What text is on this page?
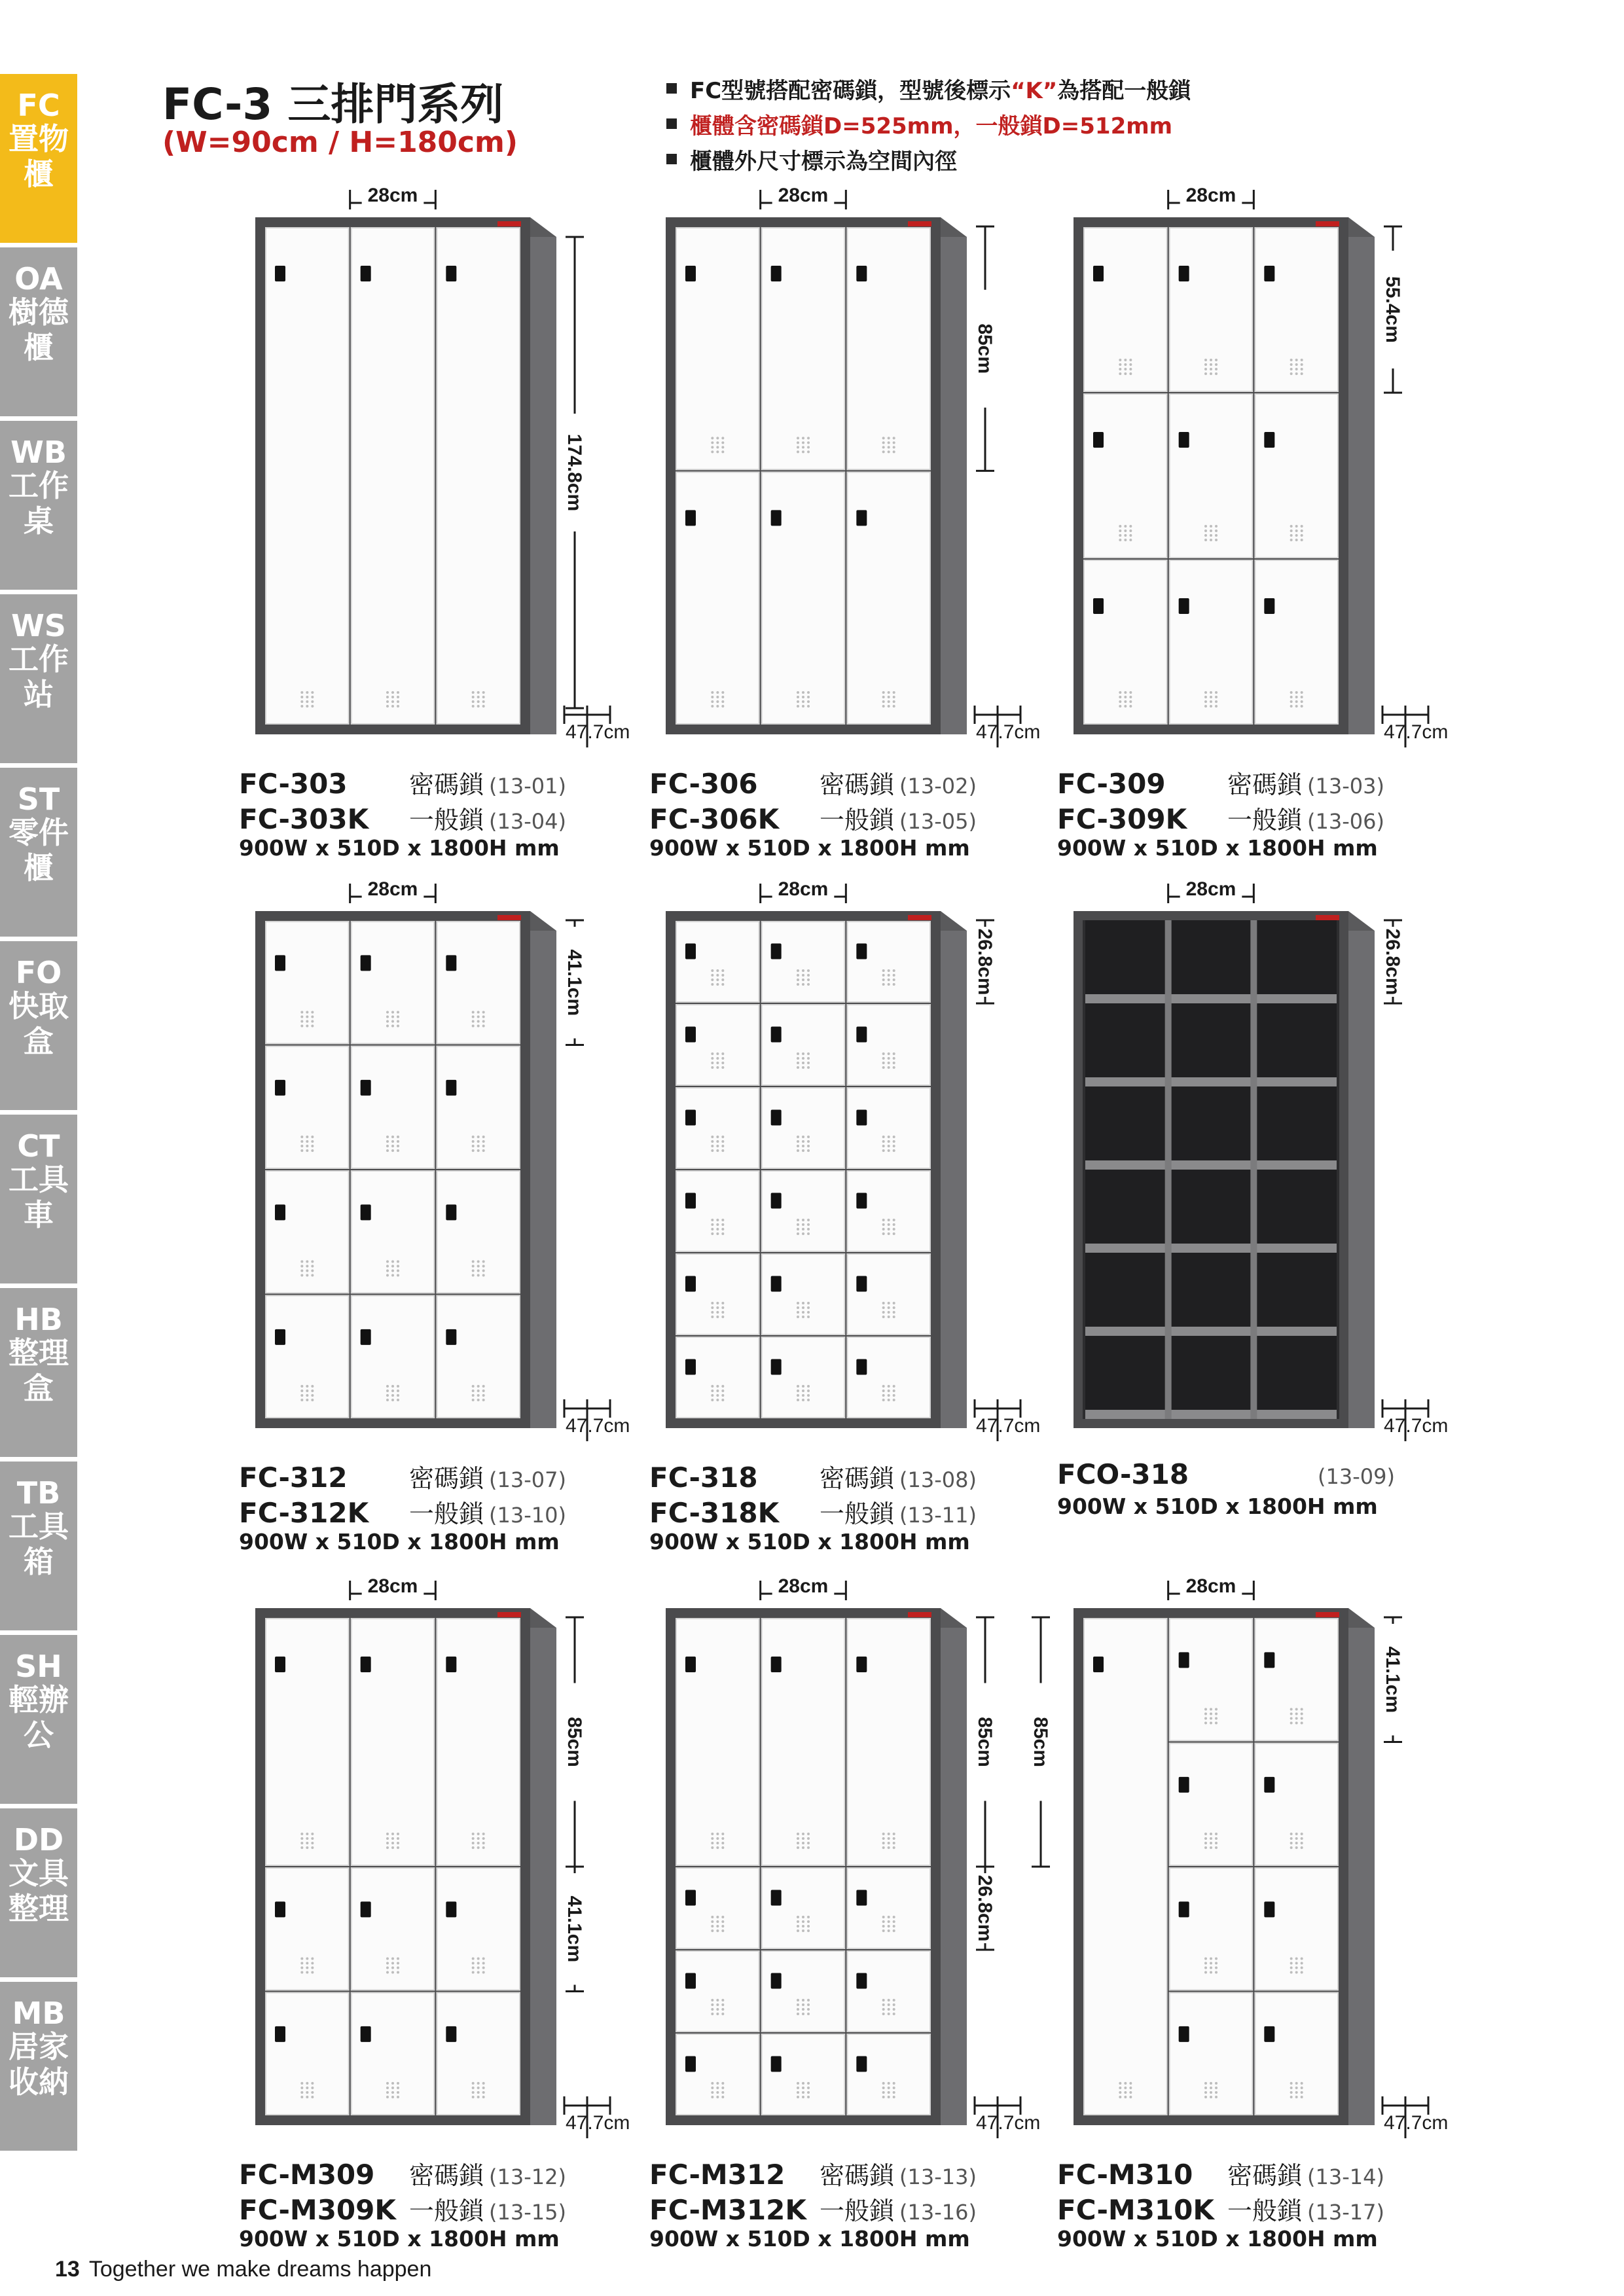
FC
置物櫃
OA
樹德櫃
WB
工作桌
WS
工作站
ST
零件櫃
FO
快取盒
CT
工具車
HB
整理盒
TB
工具箱
SH
輕辦公
DD
文具整理
MB
居家收納
FC-3 三排門系列
(W=90cm / H=180cm)
FC型號搭配密碼鎖，型號後標示“K”為搭配一般鎖
櫃體含密碼鎖D=525mm，一般鎖D=512mm
櫃體外尺寸標示為空間內徑
28cm
47.7cm
174.8cm
FC-303 密碼鎖 (13-01)
FC-303K 一般鎖 (13-04)
900W x 510D x 1800H mm
28cm
47.7cm
85cm
FC-306 密碼鎖 (13-02)
FC-306K 一般鎖 (13-05)
900W x 510D x 1800H mm
28cm
47.7cm
55.4cm
FC-309 密碼鎖 (13-03)
FC-309K 一般鎖 (13-06)
900W x 510D x 1800H mm
28cm
47.7cm
41.1cm
FC-312 密碼鎖 (13-07)
FC-312K 一般鎖 (13-10)
900W x 510D x 1800H mm
28cm
47.7cm
26.8cm
FC-318 密碼鎖 (13-08)
FC-318K 一般鎖 (13-11)
900W x 510D x 1800H mm
28cm
47.7cm
26.8cm
FCO-318	(13-09)
900W x 510D x 1800H mm
28cm
47.7cm
85cm
41.1cm
FC-M309 密碼鎖 (13-12)
FC-M309K 一般鎖 (13-15)
900W x 510D x 1800H mm
28cm
47.7cm
85cm
26.8cm
FC-M312 密碼鎖 (13-13)
FC-M312K 一般鎖 (13-16)
900W x 510D x 1800H mm
28cm
47.7cm
41.1cm
85cm
FC-M310 密碼鎖 (13-14)
FC-M310K 一般鎖 (13-17)
900W x 510D x 1800H mm
13 Together we make dreams happen
